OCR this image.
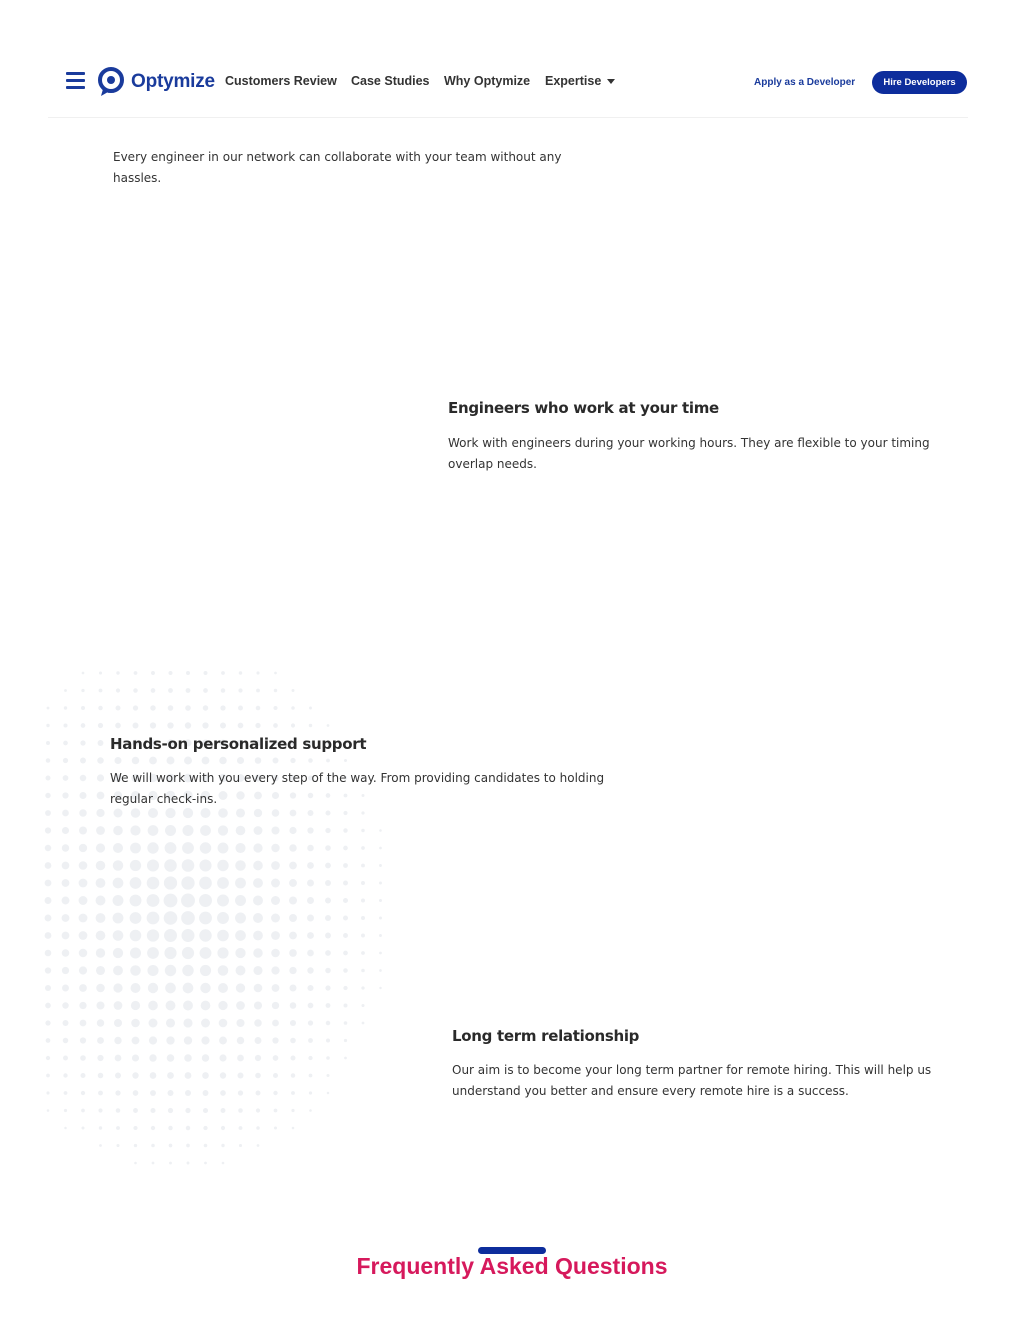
Optymize Customers Review Case Studies Why Optymize Expertise	Apply as a Developer	Hire Developers
Every engineer in our network can collaborate with your team without any hassles.
Engineers who work at your time
Work with engineers during your working hours. They are flexible to your timing overlap needs.
Hands-on personalized support
We will work with you every step of the way. From providing candidates to holding regular check-ins.
Long term relationship
Our aim is to become your long term partner for remote hiring. This will help us understand you better and ensure every remote hire is a success.
Frequently Asked Questions
